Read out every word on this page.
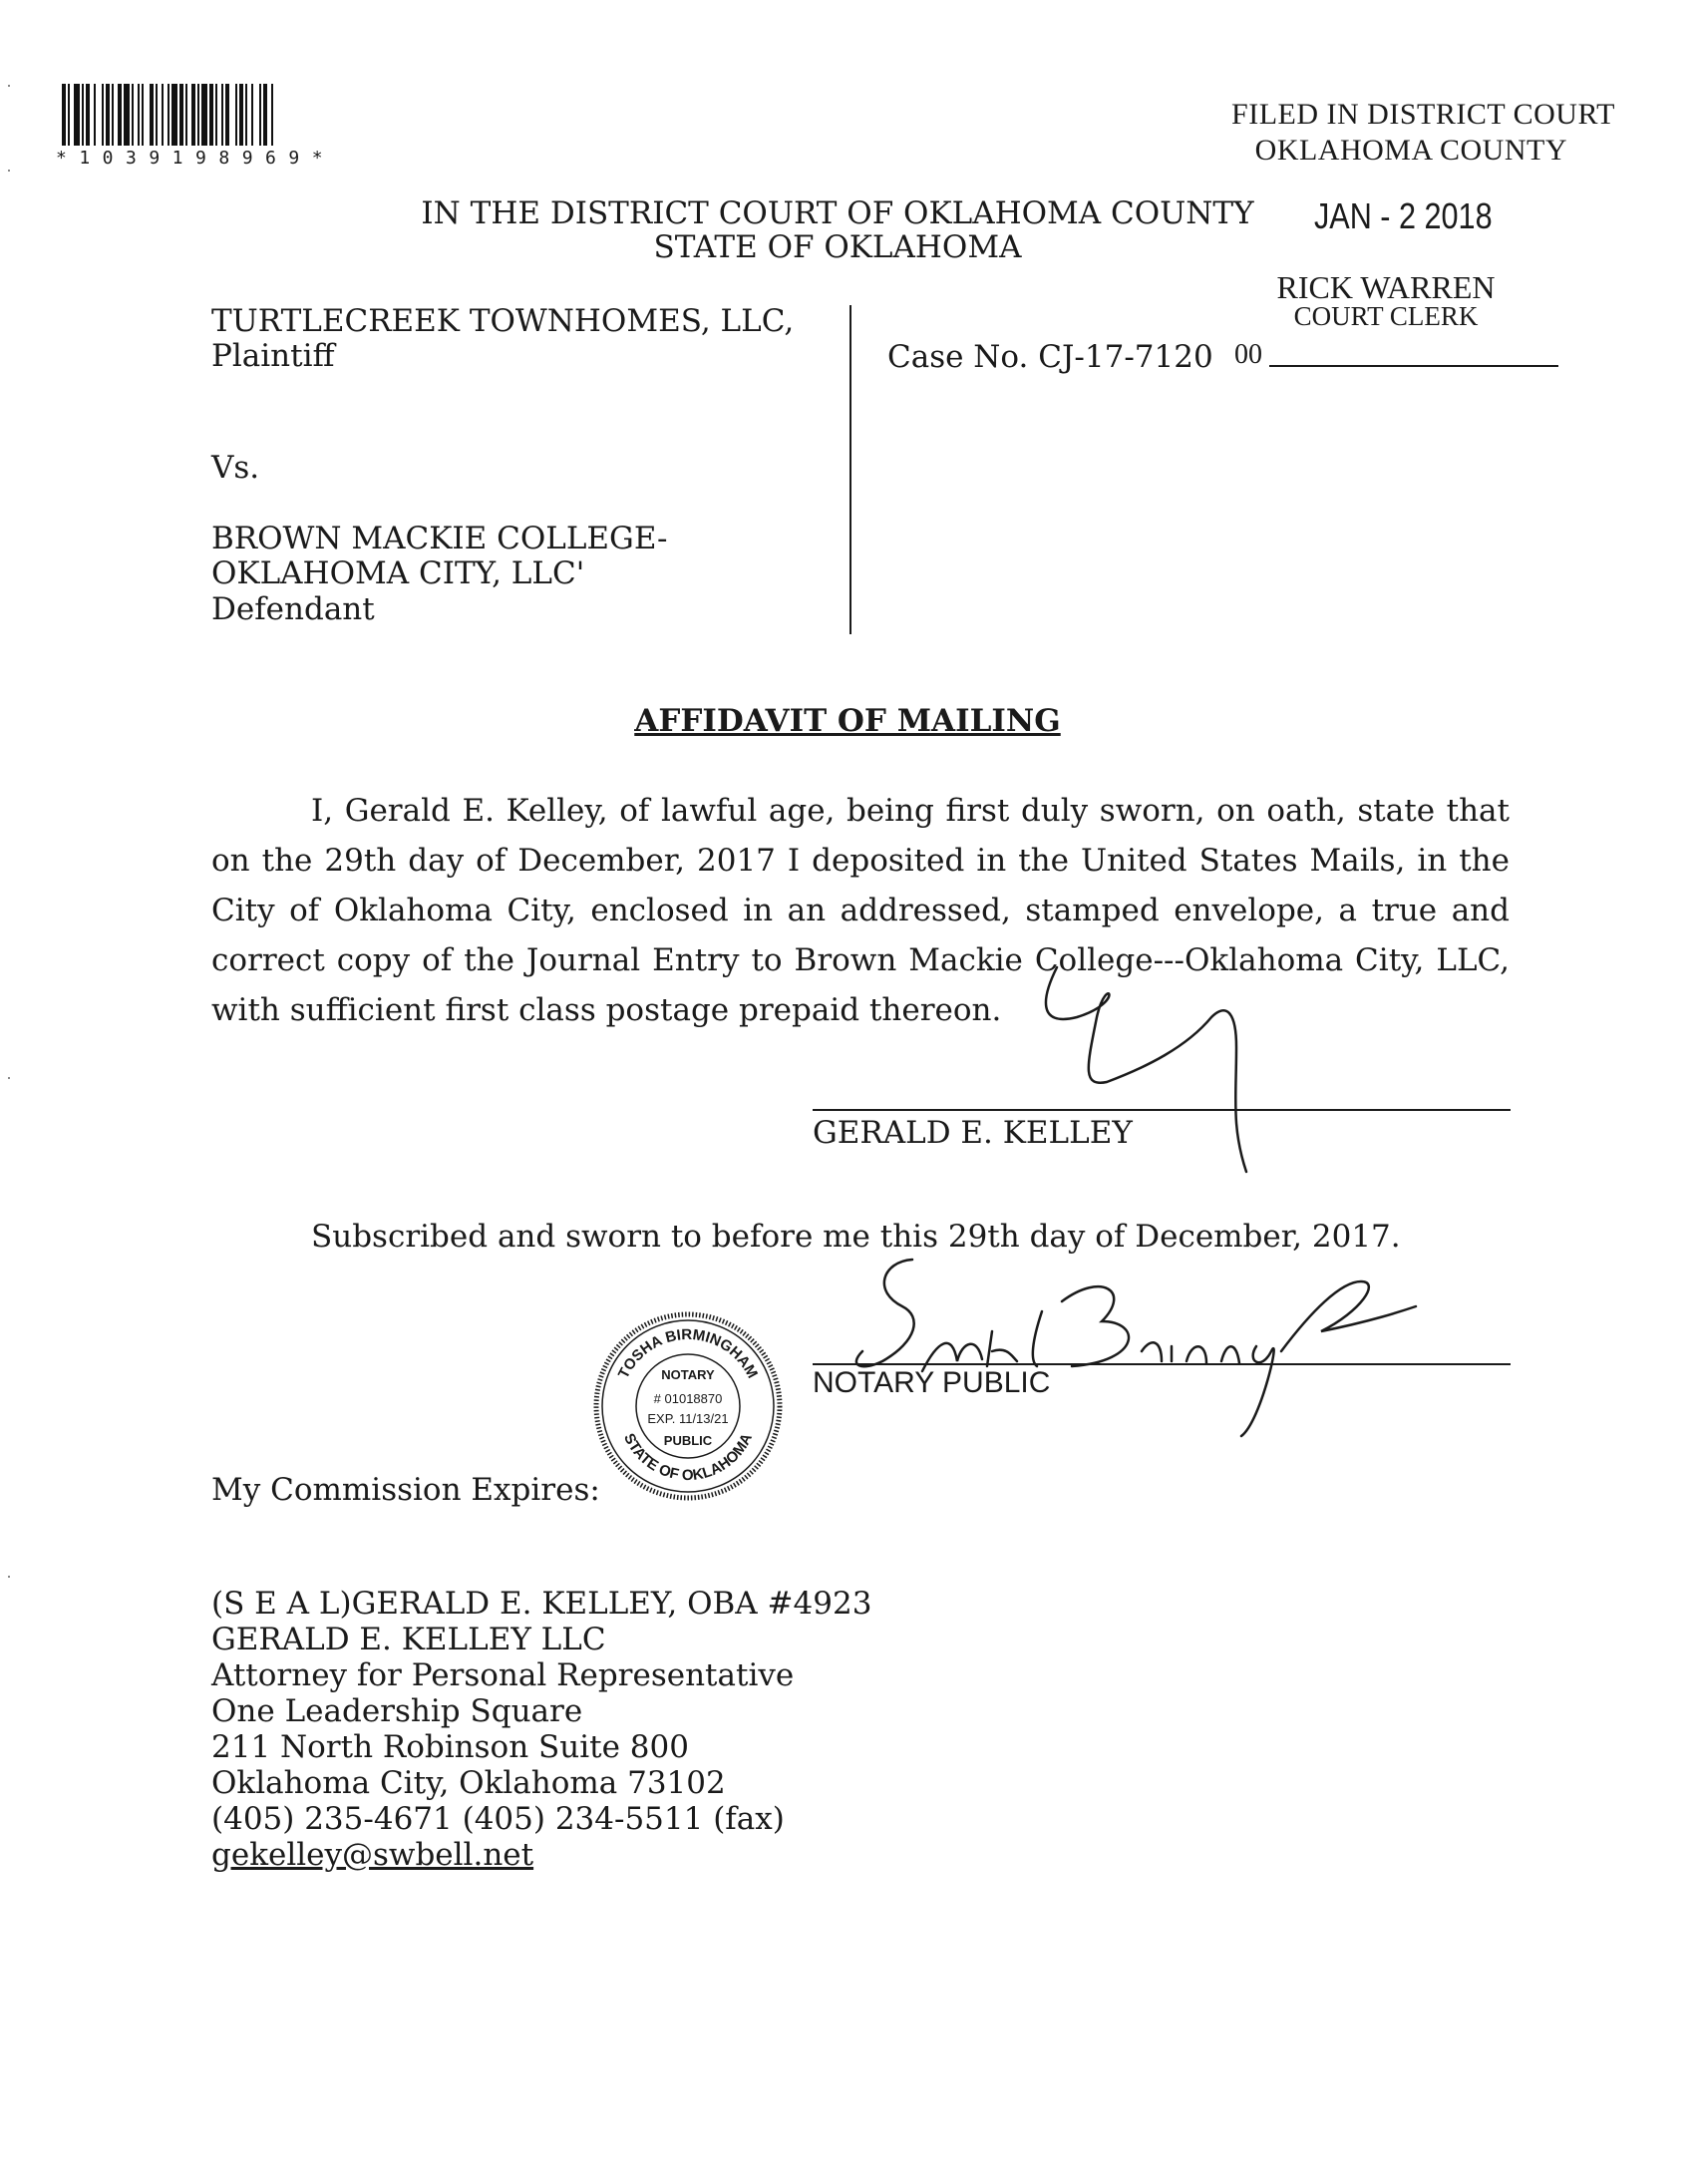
*1039198969*
FILED IN DISTRICT COURT
OKLAHOMA COUNTY
JAN - 2 2018
RICK WARREN
COURT CLERK
00
IN THE DISTRICT COURT OF OKLAHOMA COUNTY
STATE OF OKLAHOMA
TURTLECREEK TOWNHOMES, LLC,
Plaintiff
Vs.
BROWN MACKIE COLLEGE-
OKLAHOMA CITY, LLC'
Defendant
Case No. CJ-17-7120
AFFIDAVIT OF MAILING
I, Gerald E. Kelley, of lawful age, being first duly sworn, on oath, state that on the 29th day of December, 2017 I deposited in the United States Mails, in the City of Oklahoma City, enclosed in an addressed, stamped envelope, a true and correct copy of the Journal Entry to Brown Mackie College---Oklahoma City, LLC, with sufficient first class postage prepaid thereon.
GERALD E. KELLEY
Subscribed and sworn to before me this 29th day of December, 2017.
NOTARY PUBLIC
TOSHA BIRMINGHAM
STATE OF OKLAHOMA
NOTARY
# 01018870
EXP. 11/13/21
PUBLIC
My Commission Expires:
(S E A L)GERALD E. KELLEY, OBA #4923
GERALD E. KELLEY LLC
Attorney for Personal Representative
One Leadership Square
211 North Robinson Suite 800
Oklahoma City, Oklahoma 73102
(405) 235-4671 (405) 234-5511 (fax)
gekelley@swbell.net
